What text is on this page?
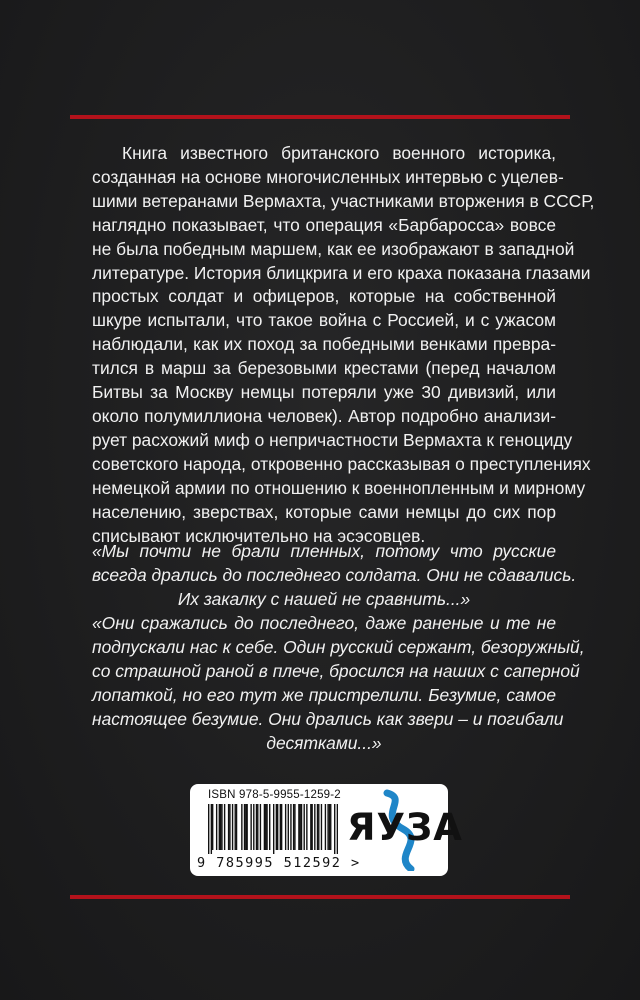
Книга известного британского военного историка,
созданная на основе многочисленных интервью с уцелев-
шими ветеранами Вермахта, участниками вторжения в СССР,
наглядно показывает, что операция «Барбаросса» вовсе
не была победным маршем, как ее изображают в западной
литературе. История блицкрига и его краха показана глазами
простых солдат и офицеров, которые на собственной
шкуре испытали, что такое война с Россией, и с ужасом
наблюдали, как их поход за победными венками превра-
тился в марш за березовыми крестами (перед началом
Битвы за Москву немцы потеряли уже 30 дивизий, или
около полумиллиона человек). Автор подробно анализи-
рует расхожий миф о непричастности Вермахта к геноциду
советского народа, откровенно рассказывая о преступлениях
немецкой армии по отношению к военнопленным и мирному
населению, зверствах, которые сами немцы до сих пор
списывают исключительно на эсэсовцев.
«Мы почти не брали пленных, потому что русские
всегда дрались до последнего солдата. Они не сдавались.
Их закалку с нашей не сравнить...»
«Они сражались до последнего, даже раненые и те не
подпускали нас к себе. Один русский сержант, безоружный,
со страшной раной в плече, бросился на наших с саперной
лопаткой, но его тут же пристрелили. Безумие, самое
настоящее безумие. Они дрались как звери – и погибали
десятками...»
ISBN 978-5-9955-1259-2
9 785995 512592 >
ЯУЗА
